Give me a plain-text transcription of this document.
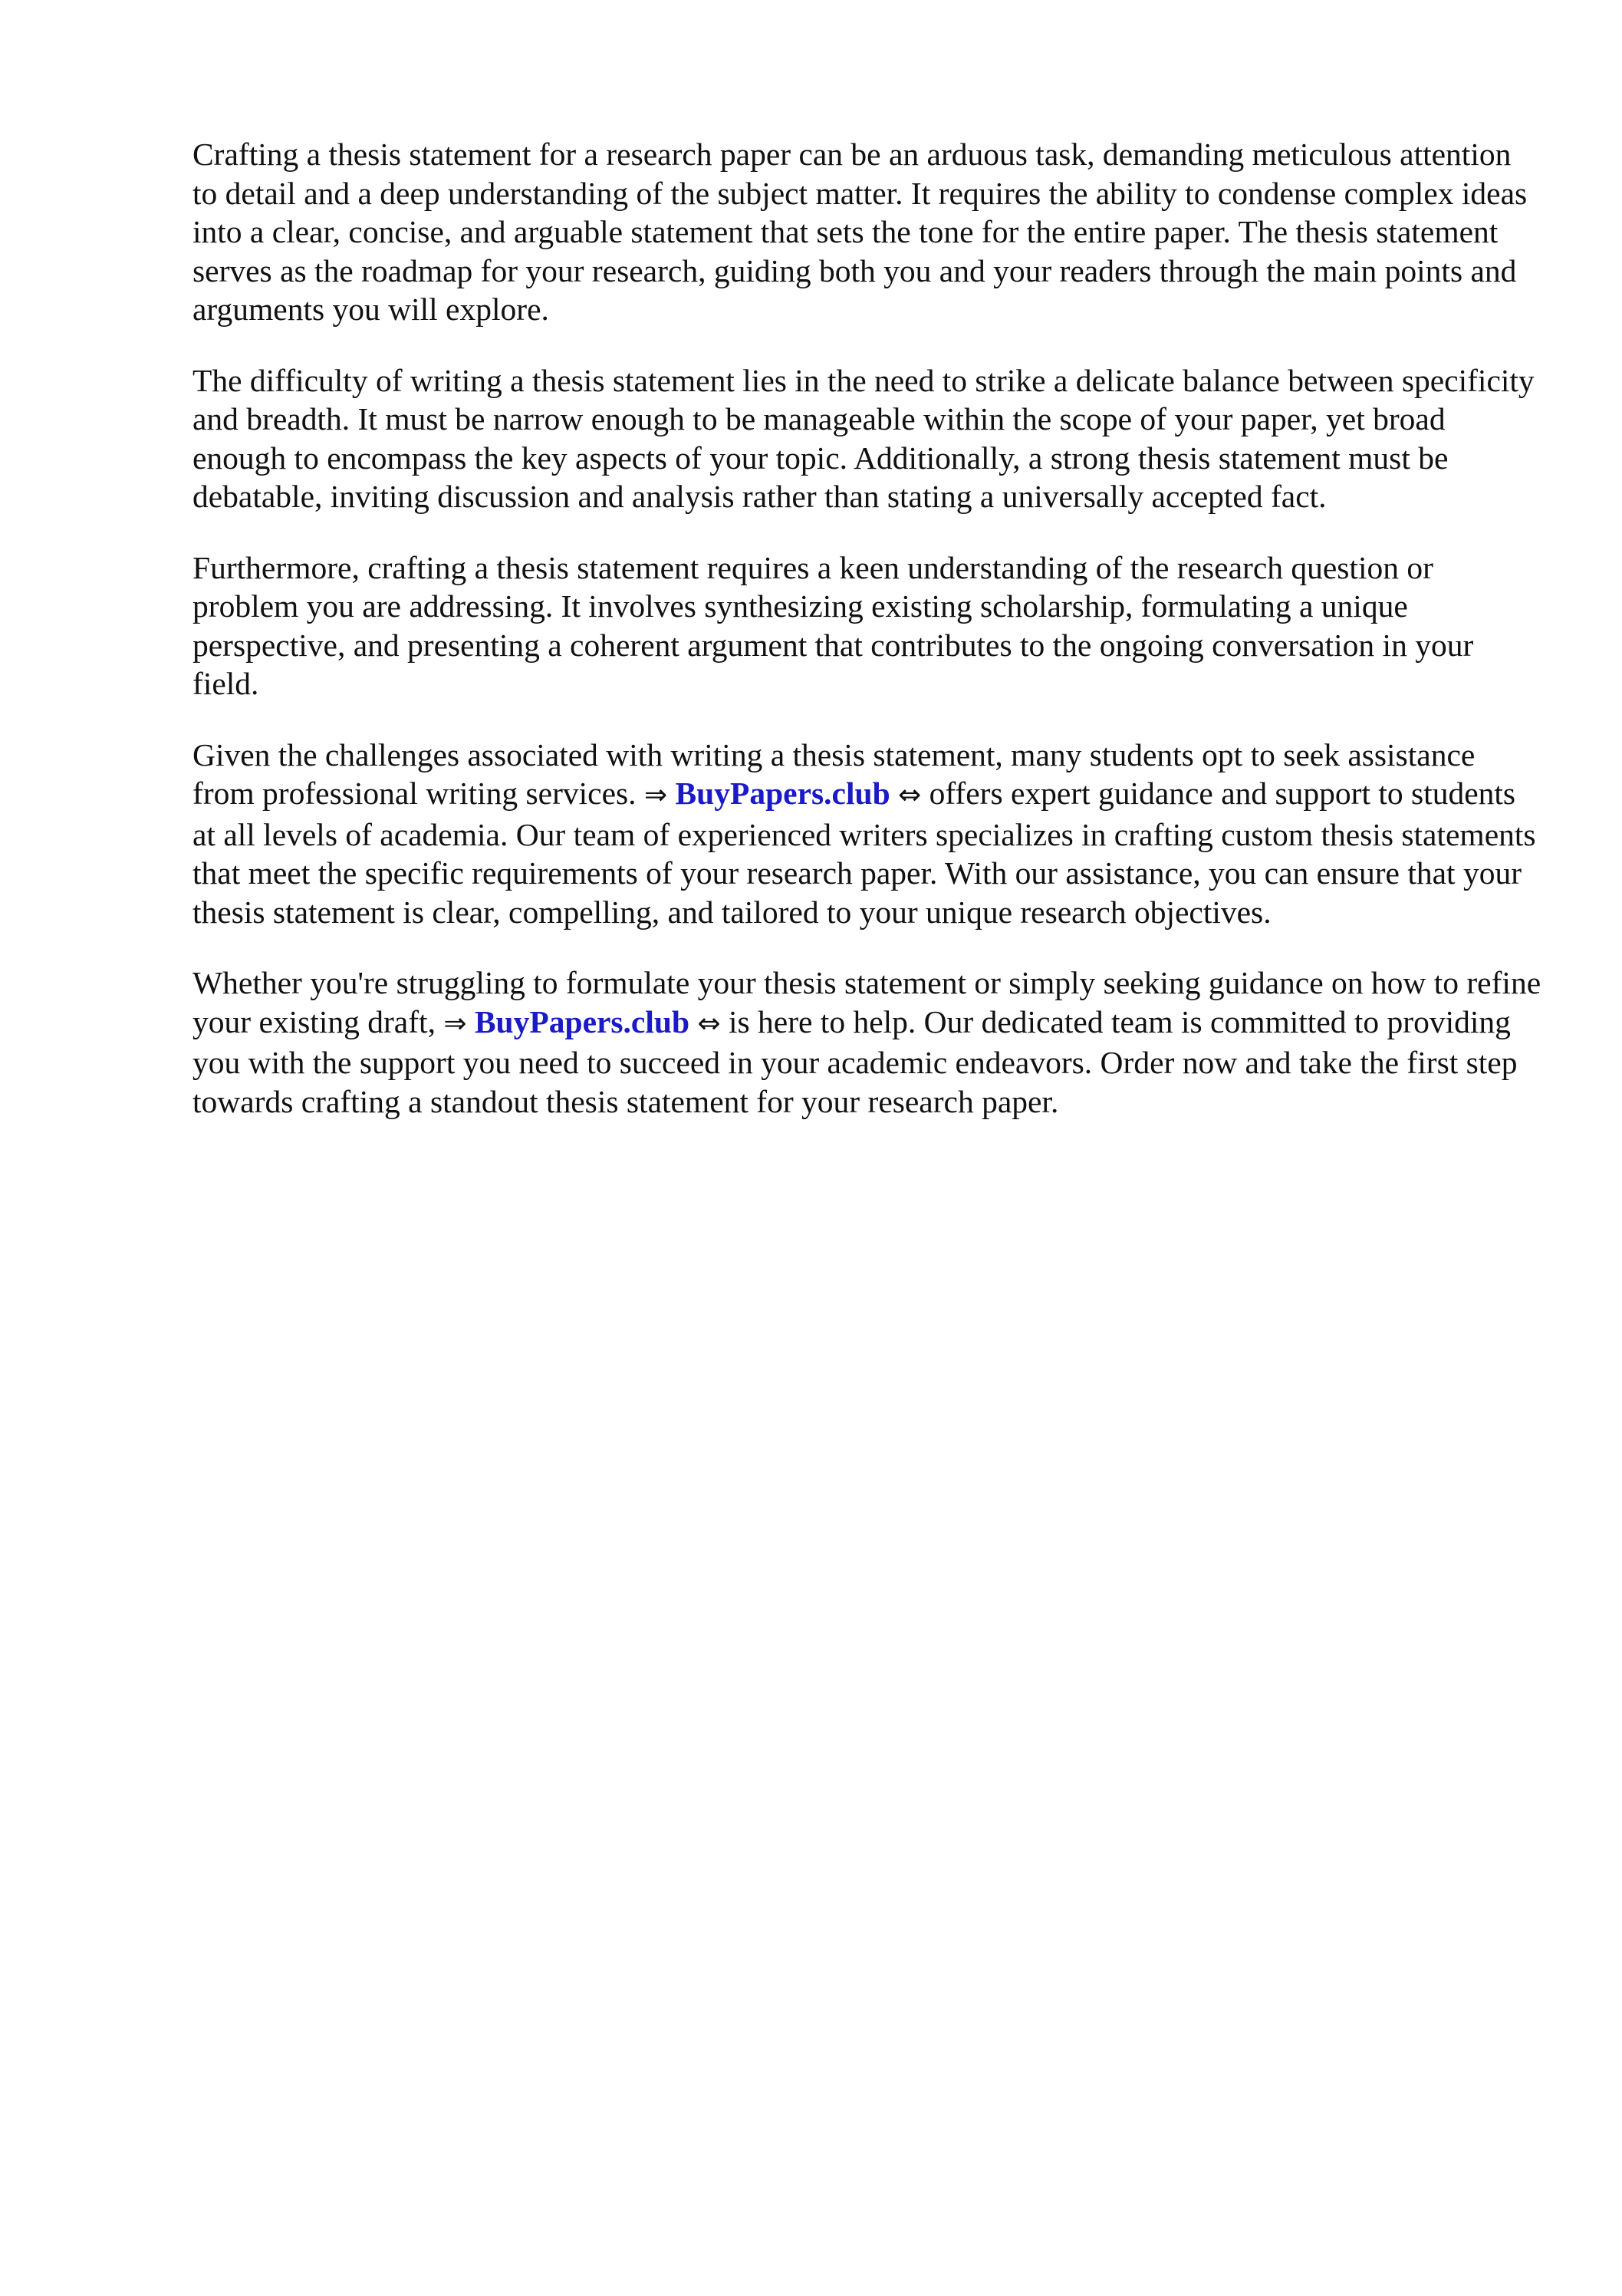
Crafting a thesis statement for a research paper can be an arduous task, demanding meticulous attention to detail and a deep understanding of the subject matter. It requires the ability to condense complex ideas into a clear, concise, and arguable statement that sets the tone for the entire paper. The thesis statement serves as the roadmap for your research, guiding both you and your readers through the main points and arguments you will explore.

The difficulty of writing a thesis statement lies in the need to strike a delicate balance between specificity and breadth. It must be narrow enough to be manageable within the scope of your paper, yet broad enough to encompass the key aspects of your topic. Additionally, a strong thesis statement must be debatable, inviting discussion and analysis rather than stating a universally accepted fact.

Furthermore, crafting a thesis statement requires a keen understanding of the research question or problem you are addressing. It involves synthesizing existing scholarship, formulating a unique perspective, and presenting a coherent argument that contributes to the ongoing conversation in your field.

Given the challenges associated with writing a thesis statement, many students opt to seek assistance from professional writing services. ⇒ BuyPapers.club ⇔ offers expert guidance and support to students at all levels of academia. Our team of experienced writers specializes in crafting custom thesis statements that meet the specific requirements of your research paper. With our assistance, you can ensure that your thesis statement is clear, compelling, and tailored to your unique research objectives.

Whether you're struggling to formulate your thesis statement or simply seeking guidance on how to refine your existing draft, ⇒ BuyPapers.club ⇔ is here to help. Our dedicated team is committed to providing you with the support you need to succeed in your academic endeavors. Order now and take the first step towards crafting a standout thesis statement for your research paper.
